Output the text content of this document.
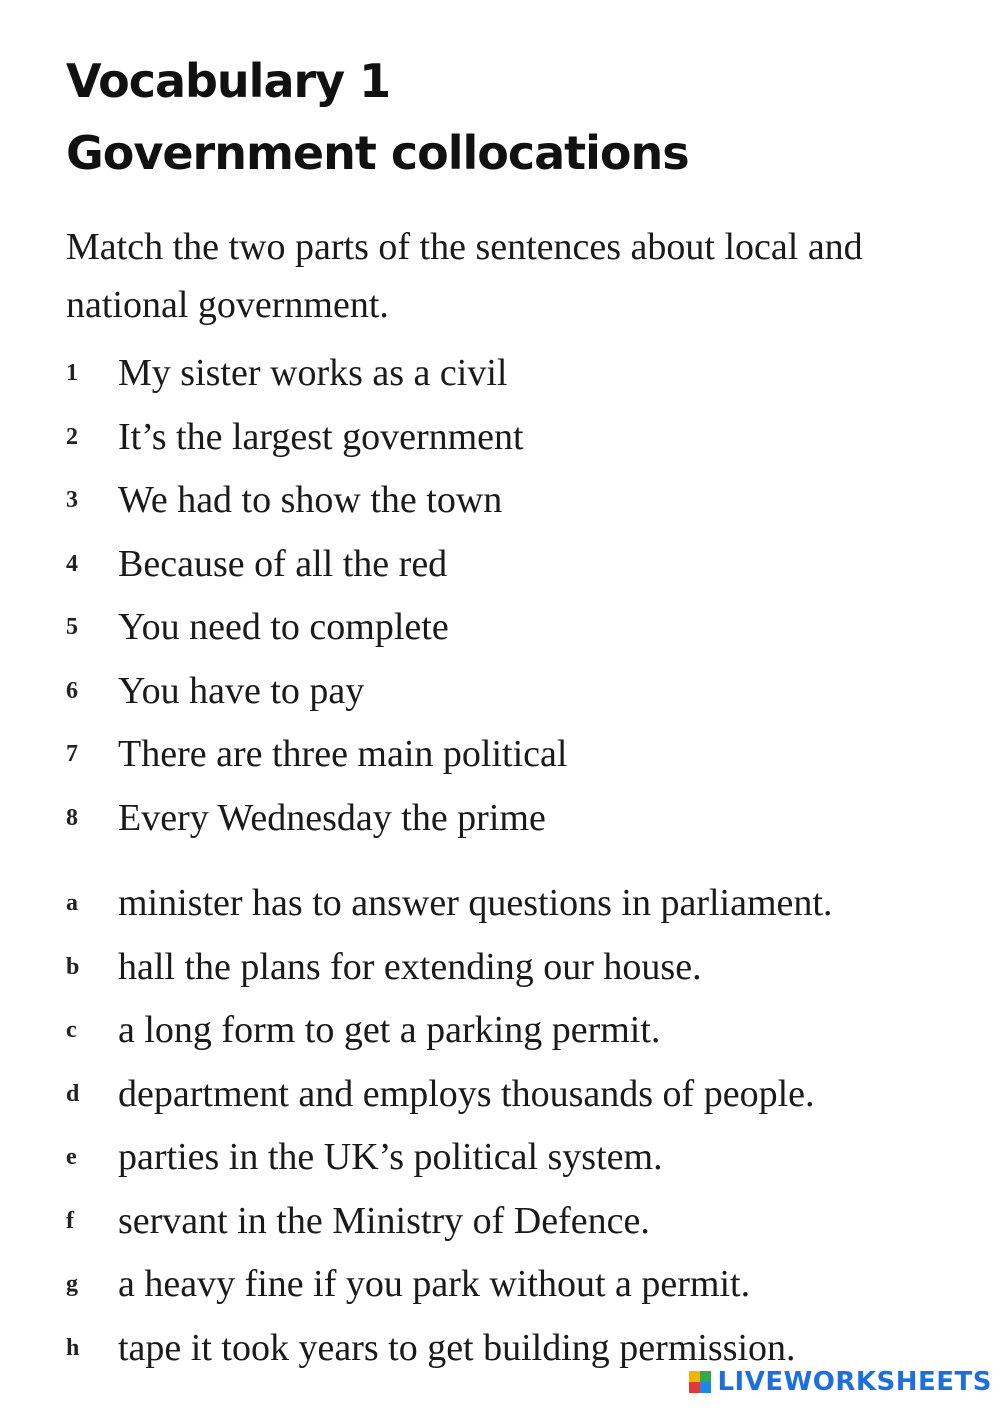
Vocabulary 1
Government collocations
Match the two parts of the sentences about local and national government.
1 My sister works as a civil
2 It’s the largest government
3 We had to show the town
4 Because of all the red
5 You need to complete
6 You have to pay
7 There are three main political
8 Every Wednesday the prime
a minister has to answer questions in parliament.
b hall the plans for extending our house.
c a long form to get a parking permit.
d department and employs thousands of people.
e parties in the UK’s political system.
f servant in the Ministry of Defence.
g a heavy fine if you park without a permit.
h tape it took years to get building permission.
LIVEWORKSHEETS
